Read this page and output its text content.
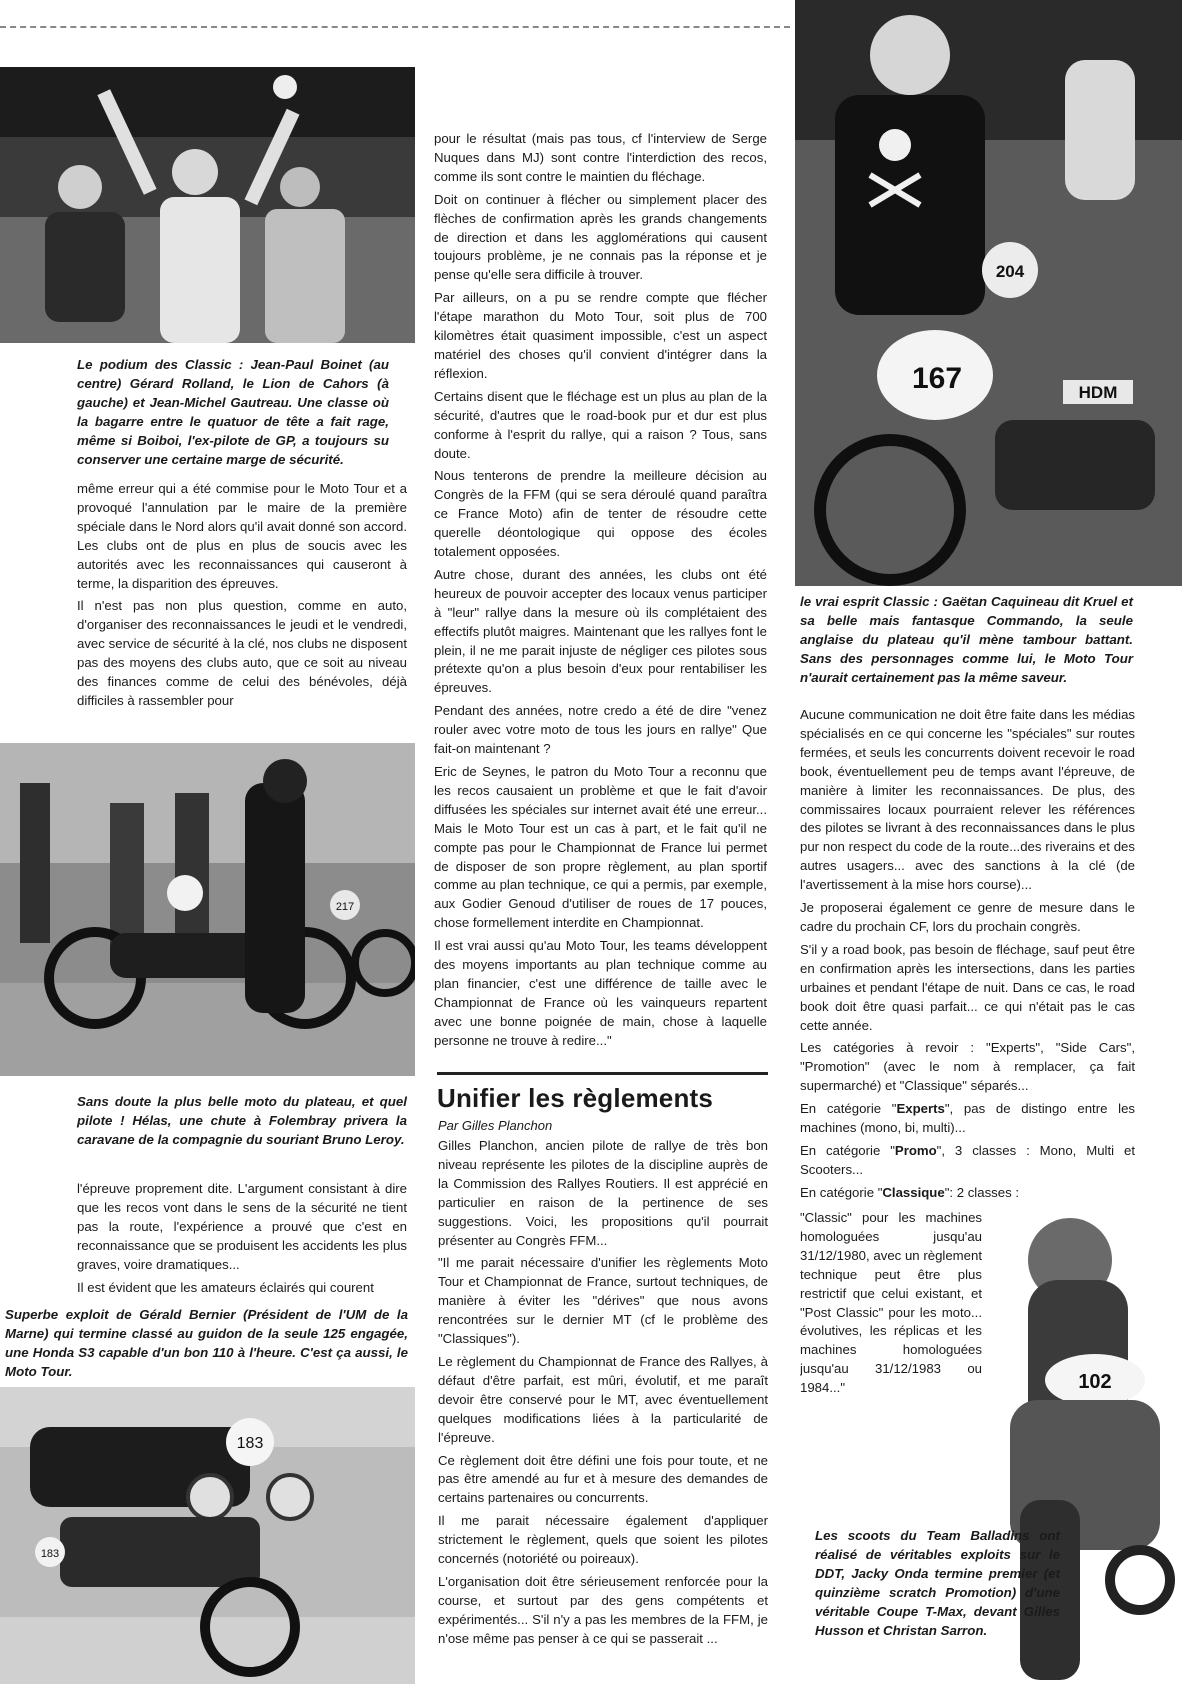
Le podium des Classic : Jean-Paul Boinet (au centre) Gérard Rolland, le Lion de Cahors (à gauche) et Jean-Michel Gautreau. Une classe où la bagarre entre le quatuor de tête a fait rage, même si Boiboi, l'ex-pilote de GP, a toujours su conserver une certaine marge de sécurité.

même erreur qui a été commise pour le Moto Tour et a provoqué l'annulation par le maire de la première spéciale dans le Nord alors qu'il avait donné son accord. Les clubs ont de plus en plus de soucis avec les autorités avec les reconnaissances qui causeront à terme, la disparition des épreuves.

Il n'est pas non plus question, comme en auto, d'organiser des reconnaissances le jeudi et le vendredi, avec service de sécurité à la clé, nos clubs ne disposent pas des moyens des clubs auto, que ce soit au niveau des finances comme de celui des bénévoles, déjà difficiles à rassembler pour

217

Sans doute la plus belle moto du plateau, et quel pilote ! Hélas, une chute à Folembray privera la caravane de la compagnie du souriant Bruno Leroy.

l'épreuve proprement dite. L'argument consistant à dire que les recos vont dans le sens de la sécurité ne tient pas la route, l'expérience a prouvé que c'est en reconnaissance que se produisent les accidents les plus graves, voire dramatiques...

Il est évident que les amateurs éclairés qui courent

Superbe exploit de Gérald Bernier (Président de l'UM de la Marne) qui termine classé au guidon de la seule 125 engagée, une Honda S3 capable d'un bon 110 à l'heure. C'est ça aussi, le Moto Tour.

183
183

pour le résultat (mais pas tous, cf l'interview de Serge Nuques dans MJ) sont contre l'interdiction des recos, comme ils sont contre le maintien du fléchage.

Doit on continuer à flécher ou simplement placer des flèches de confirmation après les grands changements de direction et dans les agglomérations qui causent toujours problème, je ne connais pas la réponse et je pense qu'elle sera difficile à trouver.

Par ailleurs, on a pu se rendre compte que flécher l'étape marathon du Moto Tour, soit plus de 700 kilomètres était quasiment impossible, c'est un aspect matériel des choses qu'il convient d'intégrer dans la réflexion.

Certains disent que le fléchage est un plus au plan de la sécurité, d'autres que le road-book pur et dur est plus conforme à l'esprit du rallye, qui a raison ? Tous, sans doute.

Nous tenterons de prendre la meilleure décision au Congrès de la FFM (qui se sera déroulé quand paraîtra ce France Moto) afin de tenter de résoudre cette querelle déontologique qui oppose des écoles totalement opposées.

Autre chose, durant des années, les clubs ont été heureux de pouvoir accepter des locaux venus participer à "leur" rallye dans la mesure où ils complétaient des effectifs plutôt maigres. Maintenant que les rallyes font le plein, il ne me parait injuste de négliger ces pilotes sous prétexte qu'on a plus besoin d'eux pour rentabiliser les épreuves.

Pendant des années, notre credo a été de dire "venez rouler avec votre moto de tous les jours en rallye" Que fait-on maintenant ?

Eric de Seynes, le patron du Moto Tour a reconnu que les recos causaient un problème et que le fait d'avoir diffusées les spéciales sur internet avait été une erreur... Mais le Moto Tour est un cas à part, et le fait qu'il ne compte pas pour le Championnat de France lui permet de disposer de son propre règlement, au plan sportif comme au plan technique, ce qui a permis, par exemple, aux Godier Genoud d'utiliser de roues de 17 pouces, chose formellement interdite en Championnat.

Il est vrai aussi qu'au Moto Tour, les teams développent des moyens importants au plan technique comme au plan financier, c'est une différence de taille avec le Championnat de France où les vainqueurs repartent avec une bonne poignée de main, chose à laquelle personne ne trouve à redire..."

Unifier les règlements
Par Gilles Planchon

Gilles Planchon, ancien pilote de rallye de très bon niveau représente les pilotes de la discipline auprès de la Commission des Rallyes Routiers. Il est apprécié en particulier en raison de la pertinence de ses suggestions. Voici, les propositions qu'il pourrait présenter au Congrès FFM...

"Il me parait nécessaire d'unifier les règlements Moto Tour et Championnat de France, surtout techniques, de manière à éviter les "dérives" que nous avons rencontrées sur le dernier MT (cf le problème des "Classiques").

Le règlement du Championnat de France des Rallyes, à défaut d'être parfait, est mûri, évolutif, et me paraît devoir être conservé pour le MT, avec éventuellement quelques modifications liées à la particularité de l'épreuve.

Ce règlement doit être défini une fois pour toute, et ne pas être amendé au fur et à mesure des demandes de certains partenaires ou concurrents.

Il me parait nécessaire également d'appliquer strictement le règlement, quels que soient les pilotes concernés (notoriété ou poireaux).

L'organisation doit être sérieusement renforcée pour la course, et surtout par des gens compétents et expérimentés... S'il n'y a pas les membres de la FFM, je n'ose même pas penser à ce qui se passerait ...

204
167	HDM

le vrai esprit Classic : Gaëtan Caquineau dit Kruel et sa belle mais fantasque Commando, la seule anglaise du plateau qu'il mène tambour battant. Sans des personnages comme lui, le Moto Tour n'aurait certainement pas la même saveur.

Aucune communication ne doit être faite dans les médias spécialisés en ce qui concerne les "spéciales" sur routes fermées, et seuls les concurrents doivent recevoir le road book, éventuellement peu de temps avant l'épreuve, de manière à limiter les reconnaissances. De plus, des commissaires locaux pourraient relever les références des pilotes se livrant à des reconnaissances dans le plus pur non respect du code de la route...des riverains et des autres usagers... avec des sanctions à la clé (de l'avertissement à la mise hors course)...

Je proposerai également ce genre de mesure dans le cadre du prochain CF, lors du prochain congrès.

S'il y a road book, pas besoin de fléchage, sauf peut être en confirmation après les intersections, dans les parties urbaines et pendant l'étape de nuit. Dans ce cas, le road book doit être quasi parfait... ce qui n'était pas le cas cette année.

Les catégories à revoir : "Experts", "Side Cars", "Promotion" (avec le nom à remplacer, ça fait supermarché) et "Classique" séparés...

En catégorie "Experts", pas de distingo entre les machines (mono, bi, multi)...

En catégorie "Promo", 3 classes : Mono, Multi et Scooters...

En catégorie "Classique": 2 classes :

102
"Classic" pour les machines homologuées jusqu'au 31/12/1980, avec un règlement technique peut être plus restrictif que celui existant, et "Post Classic" pour les moto... évolutives, les réplicas et les machines homologuées jusqu'au 31/12/1983 ou 1984..."

Les scoots du Team Balladins ont réalisé de véritables exploits sur le DDT, Jacky Onda termine premier (et quinzième scratch Promotion) d'une véritable Coupe T-Max, devant Gilles Husson et Christan Sarron.
